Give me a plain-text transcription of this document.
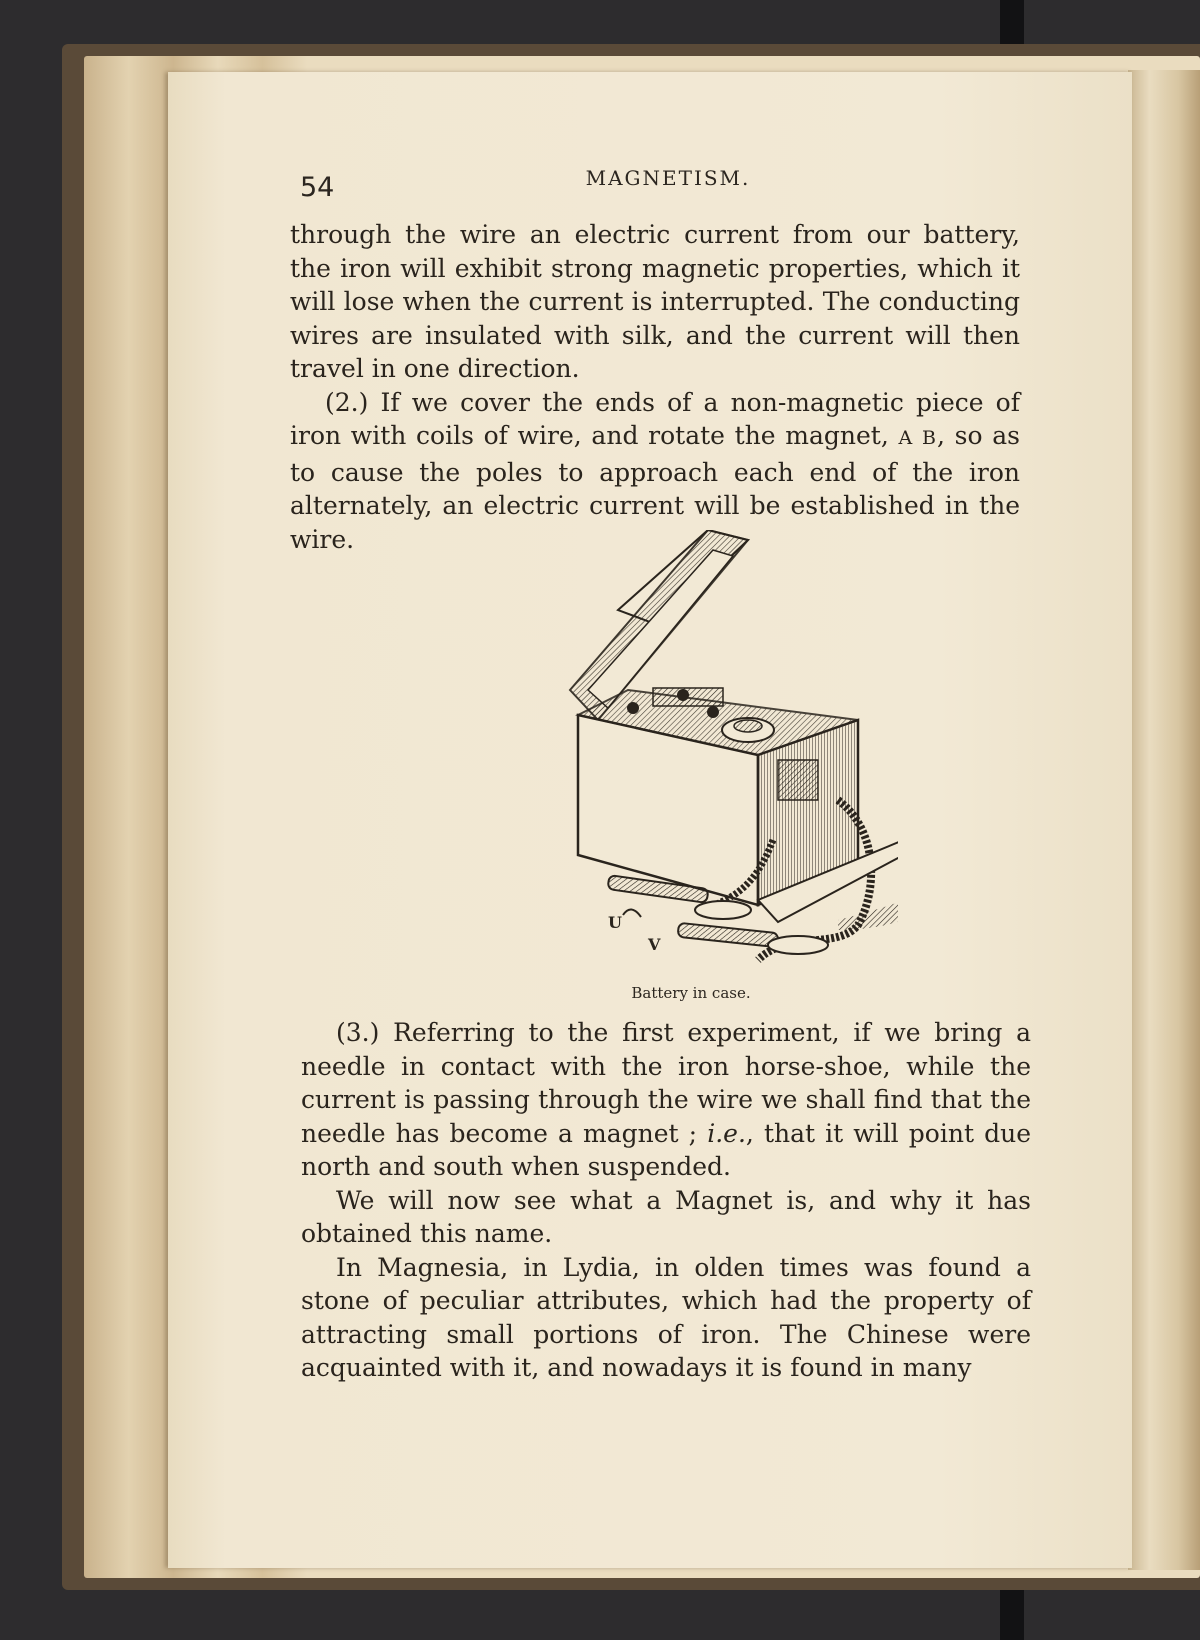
54	MAGNETISM.

through the wire an electric current from our battery, the iron will exhibit strong magnetic properties, which it will lose when the current is interrupted. The conducting wires are insulated with silk, and the current will then travel in one direction.

(2.) If we cover the ends of a non-magnetic piece of iron with coils of wire, and rotate the magnet, A B, so as to cause the poles to approach each end of the iron alternately, an electric current will be established in the wire.

U
V
Battery in case.

(3.) Referring to the first experiment, if we bring a needle in contact with the iron horse-shoe, while the current is passing through the wire we shall find that the needle has become a magnet ; i.e., that it will point due north and south when suspended.

We will now see what a Magnet is, and why it has obtained this name.

In Magnesia, in Lydia, in olden times was found a stone of peculiar attributes, which had the property of attracting small portions of iron. The Chinese were acquainted with it, and nowadays it is found in many
